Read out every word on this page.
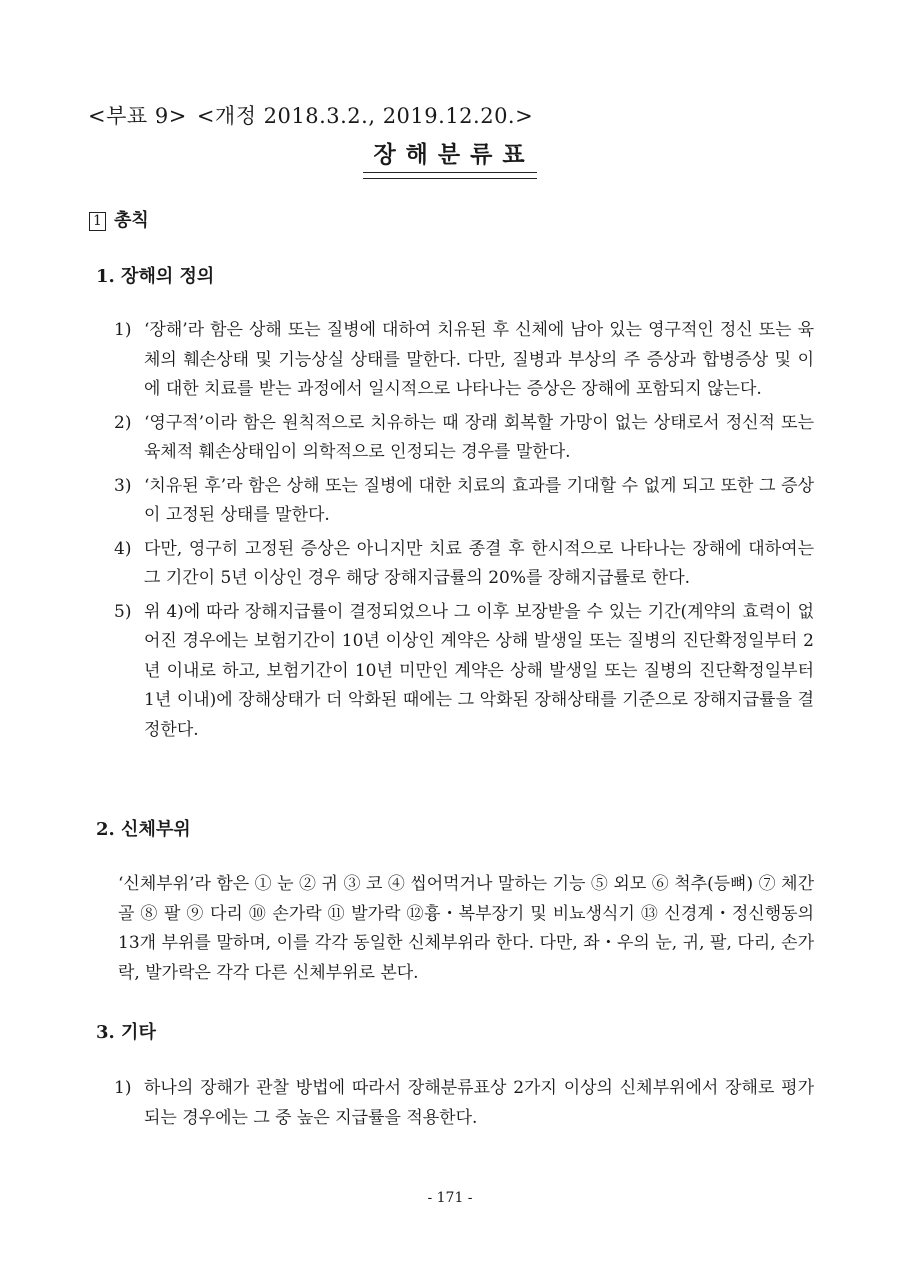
<부표 9> <개정 2018.3.2., 2019.12.20.>
장해분류표
1 총칙
1. 장해의 정의
1) ‘장해’라 함은 상해 또는 질병에 대하여 치유된 후 신체에 남아 있는 영구적인 정신 또는 육체의 훼손상태 및 기능상실 상태를 말한다. 다만, 질병과 부상의 주 증상과 합병증상 및 이에 대한 치료를 받는 과정에서 일시적으로 나타나는 증상은 장해에 포함되지 않는다.
2) ‘영구적’이라 함은 원칙적으로 치유하는 때 장래 회복할 가망이 없는 상태로서 정신적 또는 육체적 훼손상태임이 의학적으로 인정되는 경우를 말한다.
3) ‘치유된 후’라 함은 상해 또는 질병에 대한 치료의 효과를 기대할 수 없게 되고 또한 그 증상이 고정된 상태를 말한다.
4) 다만, 영구히 고정된 증상은 아니지만 치료 종결 후 한시적으로 나타나는 장해에 대하여는 그 기간이 5년 이상인 경우 해당 장해지급률의 20%를 장해지급률로 한다.
5) 위 4)에 따라 장해지급률이 결정되었으나 그 이후 보장받을 수 있는 기간(계약의 효력이 없어진 경우에는 보험기간이 10년 이상인 계약은 상해 발생일 또는 질병의 진단확정일부터 2년 이내로 하고, 보험기간이 10년 미만인 계약은 상해 발생일 또는 질병의 진단확정일부터 1년 이내)에 장해상태가 더 악화된 때에는 그 악화된 장해상태를 기준으로 장해지급률을 결정한다.
2. 신체부위

‘신체부위’라 함은 ① 눈 ② 귀 ③ 코 ④ 씹어먹거나 말하는 기능 ⑤ 외모 ⑥ 척추(등뼈) ⑦ 체간골 ⑧ 팔 ⑨ 다리 ⑩ 손가락 ⑪ 발가락 ⑫흉・복부장기 및 비뇨생식기 ⑬ 신경계・정신행동의 13개 부위를 말하며, 이를 각각 동일한 신체부위라 한다. 다만, 좌・우의 눈, 귀, 팔, 다리, 손가락, 발가락은 각각 다른 신체부위로 본다.

3. 기타
1) 하나의 장해가 관찰 방법에 따라서 장해분류표상 2가지 이상의 신체부위에서 장해로 평가되는 경우에는 그 중 높은 지급률을 적용한다.
- 171 -
